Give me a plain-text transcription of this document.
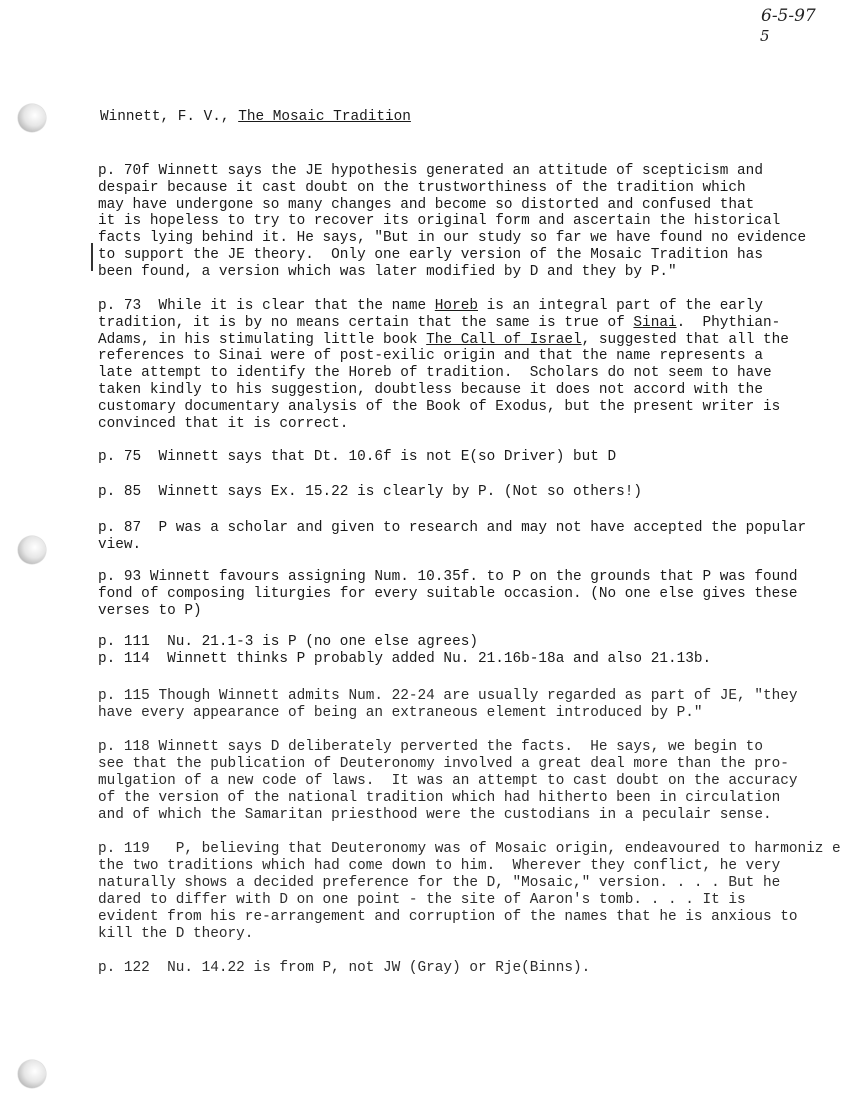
6-5-97
5
Winnett, F. V., The Mosaic Tradition
p. 70f Winnett says the JE hypothesis generated an attitude of scepticism and
despair because it cast doubt on the trustworthiness of the tradition which
may have undergone so many changes and become so distorted and confused that
it is hopeless to try to recover its original form and ascertain the historical
facts lying behind it. He says, "But in our study so far we have found no evidence
to support the JE theory.  Only one early version of the Mosaic Tradition has
been found, a version which was later modified by D and they by P."
p. 73  While it is clear that the name Horeb is an integral part of the early
tradition, it is by no means certain that the same is true of Sinai.  Phythian-
Adams, in his stimulating little book The Call of Israel, suggested that all the
references to Sinai were of post-exilic origin and that the name represents a
late attempt to identify the Horeb of tradition.  Scholars do not seem to have
taken kindly to his suggestion, doubtless because it does not accord with the
customary documentary analysis of the Book of Exodus, but the present writer is
convinced that it is correct.
p. 75  Winnett says that Dt. 10.6f is not E(so Driver) but D
p. 85  Winnett says Ex. 15.22 is clearly by P. (Not so others!)
p. 87  P was a scholar and given to research and may not have accepted the popular
view.
p. 93 Winnett favours assigning Num. 10.35f. to P on the grounds that P was found
fond of composing liturgies for every suitable occasion. (No one else gives these
verses to P)
p. 111  Nu. 21.1-3 is P (no one else agrees)
p. 114  Winnett thinks P probably added Nu. 21.16b-18a and also 21.13b.
p. 115 Though Winnett admits Num. 22-24 are usually regarded as part of JE, "they
have every appearance of being an extraneous element introduced by P."
p. 118 Winnett says D deliberately perverted the facts.  He says, we begin to
see that the publication of Deuteronomy involved a great deal more than the pro-
mulgation of a new code of laws.  It was an attempt to cast doubt on the accuracy
of the version of the national tradition which had hitherto been in circulation
and of which the Samaritan priesthood were the custodians in a peculair sense.
p. 119   P, believing that Deuteronomy was of Mosaic origin, endeavoured to harmoniz e
the two traditions which had come down to him.  Wherever they conflict, he very
naturally shows a decided preference for the D, "Mosaic," version. . . . But he
dared to differ with D on one point - the site of Aaron's tomb. . . . It is
evident from his re-arrangement and corruption of the names that he is anxious to
kill the D theory.
p. 122  Nu. 14.22 is from P, not JW (Gray) or Rje(Binns).
